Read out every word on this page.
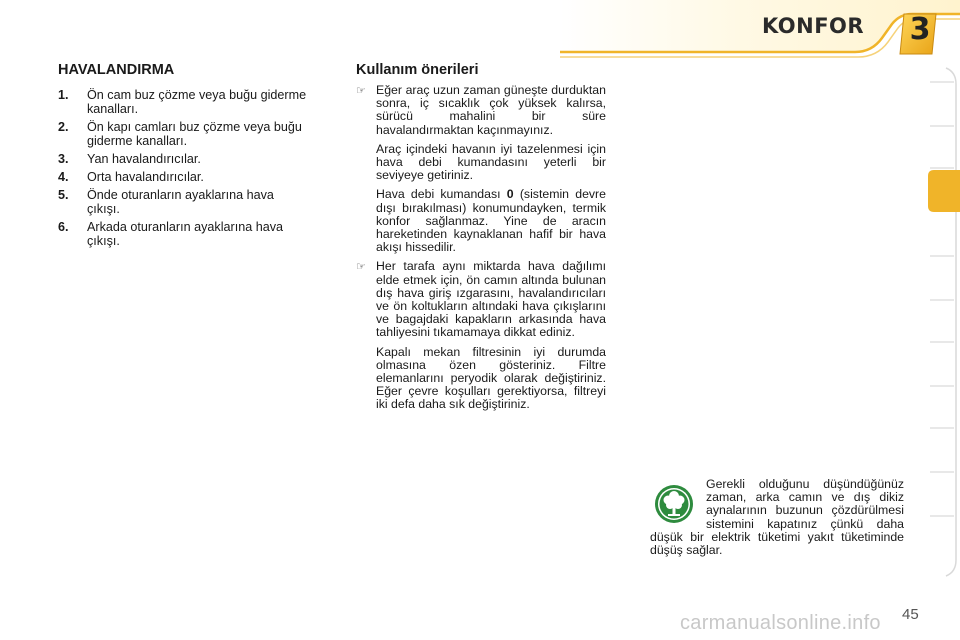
KONFOR	3
HAVALANDIRMA
1.	Ön cam buz çözme veya buğu giderme kanalları.
2.	Ön kapı camları buz çözme veya buğu giderme kanalları.
3.	Yan havalandırıcılar.
4.	Orta havalandırıcılar.
5.	Önde oturanların ayaklarına hava çıkışı.
6.	Arkada oturanların ayaklarına hava çıkışı.
Kullanım önerileri
☞ Eğer araç uzun zaman güneşte durduktan sonra, iç sıcaklık çok yüksek kalırsa, sürücü mahalini bir süre havalandırmaktan kaçınmayınız.
Araç içindeki havanın iyi tazelenmesi için hava debi kumandasını yeterli bir seviyeye getiriniz.
Hava debi kumandası 0 (sistemin devre dışı bırakılması) konumundayken, termik konfor sağlanmaz. Yine de aracın hareketinden kaynaklanan hafif bir hava akışı hissedilir.
☞ Her tarafa aynı miktarda hava dağılımı elde etmek için, ön camın altında bulunan dış hava giriş ızgarasını, havalandırıcıları ve ön koltukların altındaki hava çıkışlarını ve bagajdaki kapakların arkasında hava tahliyesini tıkamamaya dikkat ediniz.
Kapalı mekan filtresinin iyi durumda olmasına özen gösteriniz. Filtre elemanlarını peryodik olarak değiştiriniz. Eğer çevre koşulları gerektiyorsa, filtreyi iki defa daha sık değiştiriniz.
Gerekli olduğunu düşündüğünüz zaman, arka camın ve dış dikiz aynalarının buzunun çözdürülmesi sistemini kapatınız çünkü daha düşük bir elektrik tüketimi yakıt tüketiminde düşüş sağlar.
carmanualsonline.info 45
